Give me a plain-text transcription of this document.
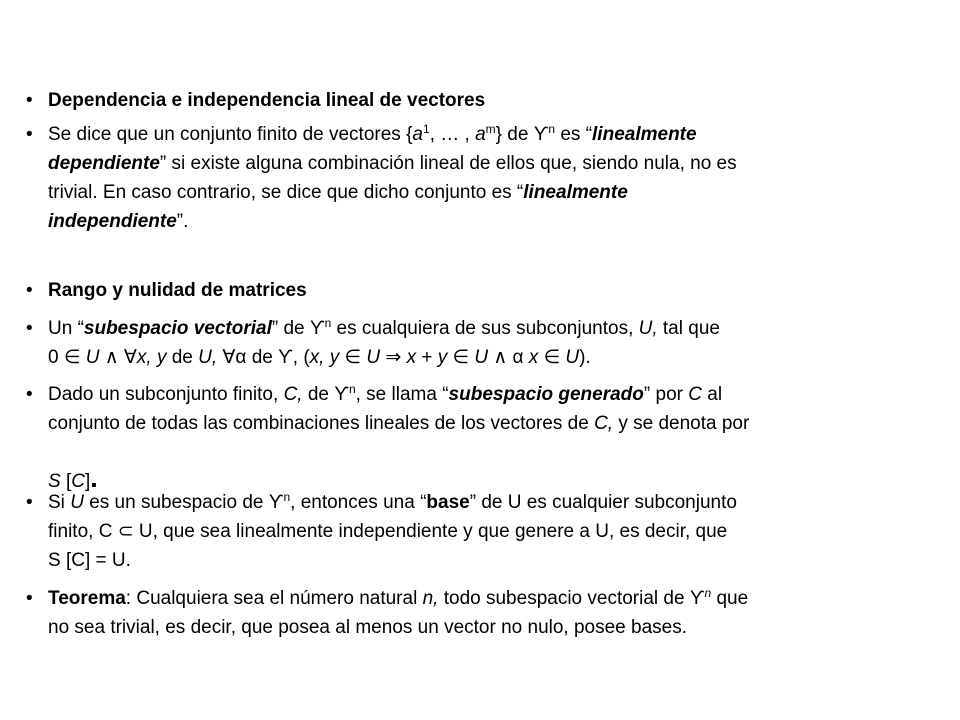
• Dependencia e independencia lineal de vectores
• Se dice que un conjunto finito de vectores {$a^1$, … , $a^m$} de $ϒ^n$ es “linealmente
dependiente” si existe alguna combinación lineal de ellos que, siendo nula, no es
trivial. En caso contrario, se dice que dicho conjunto es “linealmente
independiente”.
• Rango y nulidad de matrices
• Un “subespacio vectorial” de $ϒ^n$ es cualquiera de sus subconjuntos, U, tal que
0 ∈ U ∧ ∀x, y de U, ∀α de ϒ, (x, y ∈ U ⇒ x + y ∈ U ∧ α x ∈ U).
• Dado un subconjunto finito, C, de $ϒ^n$, se llama “subespacio generado” por C al
conjunto de todas las combinaciones lineales de los vectores de C, y se denota por

S [C].
• Si U es un subespacio de $ϒ^n$, entonces una “base” de U es cualquier subconjunto
finito, C ⊂ U, que sea linealmente independiente y que genere a U, es decir, que
S [C] = U.
• Teorema: Cualquiera sea el número natural n, todo subespacio vectorial de $ϒ^n$ que
no sea trivial, es decir, que posea al menos un vector no nulo, posee bases.
